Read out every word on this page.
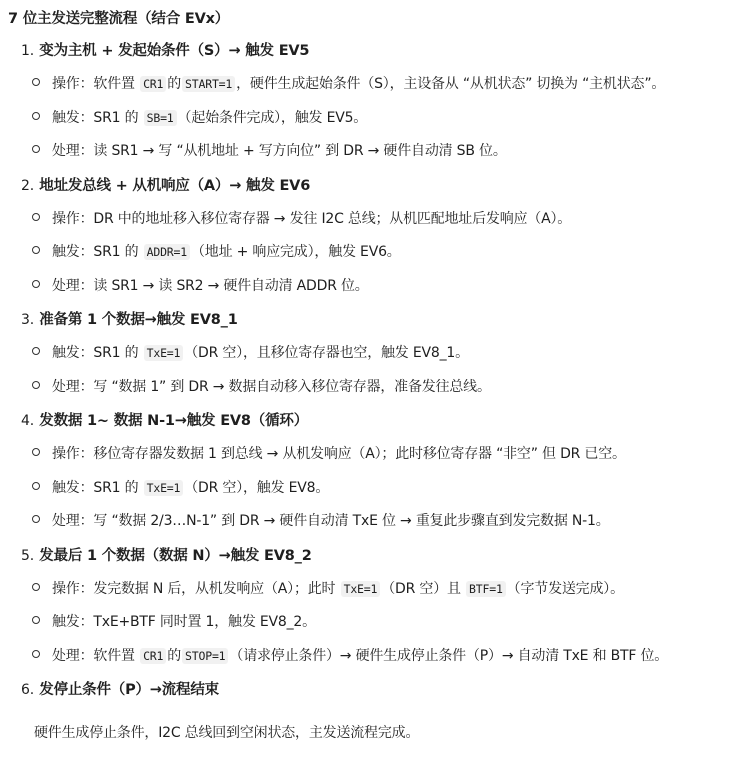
7 位主发送完整流程（结合 EVx）
1.
变为主机 + 发起始条件（S）→ 触发 EV5
操作：软件置 CR1 的 START=1 ，硬件生成起始条件（S），主设备从 “从机状态” 切换为 “主机状态”。
触发：SR1 的 SB=1 （起始条件完成），触发 EV5。
处理：读 SR1 → 写 “从机地址 + 写方向位” 到 DR → 硬件自动清 SB 位。
2.
地址发总线 + 从机响应（A）→ 触发 EV6
操作：DR 中的地址移入移位寄存器 → 发往 I2C 总线；从机匹配地址后发响应（A）。
触发：SR1 的 ADDR=1 （地址 + 响应完成），触发 EV6。
处理：读 SR1 → 读 SR2 → 硬件自动清 ADDR 位。
3.
准备第 1 个数据→触发 EV8_1
触发：SR1 的 TxE=1 （DR 空），且移位寄存器也空，触发 EV8_1。
处理：写 “数据 1” 到 DR → 数据自动移入移位寄存器，准备发往总线。
4.
发数据 1~ 数据 N-1→触发 EV8（循环）
操作：移位寄存器发数据 1 到总线 → 从机发响应（A）；此时移位寄存器 “非空” 但 DR 已空。
触发：SR1 的 TxE=1 （DR 空），触发 EV8。
处理：写 “数据 2/3…N-1” 到 DR → 硬件自动清 TxE 位 → 重复此步骤直到发完数据 N-1。
5.
发最后 1 个数据（数据 N）→触发 EV8_2
操作：发完数据 N 后，从机发响应（A）；此时 TxE=1 （DR 空）且 BTF=1 （字节发送完成）。
触发：TxE+BTF 同时置 1，触发 EV8_2。
处理：软件置 CR1 的 STOP=1 （请求停止条件）→ 硬件生成停止条件（P）→ 自动清 TxE 和 BTF 位。
6.
发停止条件（P）→流程结束
硬件生成停止条件，I2C 总线回到空闲状态，主发送流程完成。
